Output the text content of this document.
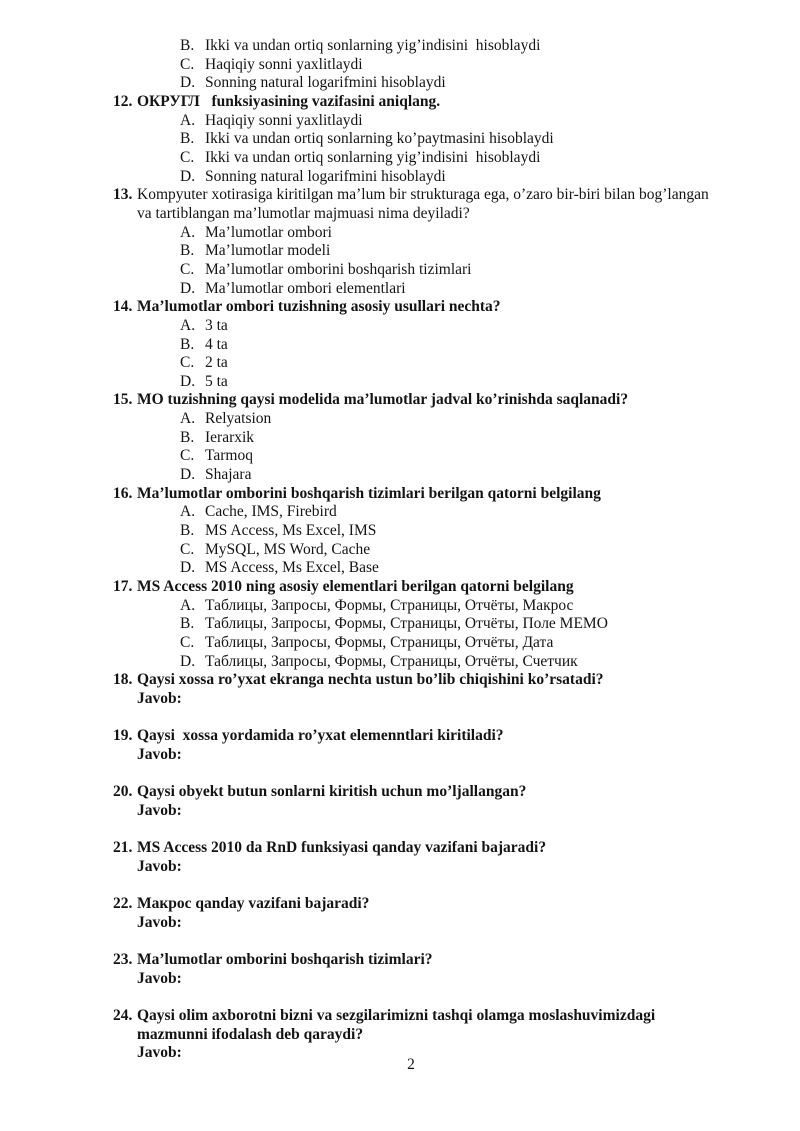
B. Ikki va undan ortiq sonlarning yig’indisini  hisoblaydi
C. Haqiqiy sonni yaxlitlaydi
D. Sonning natural logarifmini hisoblaydi
12. ОКРУГЛ   funksiyasining vazifasini aniqlang.
A. Haqiqiy sonni yaxlitlaydi
B. Ikki va undan ortiq sonlarning ko’paytmasini hisoblaydi
C. Ikki va undan ortiq sonlarning yig’indisini  hisoblaydi
D. Sonning natural logarifmini hisoblaydi
13. Kompyuter xotirasiga kiritilgan ma’lum bir strukturaga ega, o’zaro bir-biri bilan bog’langan
va tartiblangan ma’lumotlar majmuasi nima deyiladi?
A. Ma’lumotlar ombori
B. Ma’lumotlar modeli
C. Ma’lumotlar omborini boshqarish tizimlari
D. Ma’lumotlar ombori elementlari
14. Ma’lumotlar ombori tuzishning asosiy usullari nechta?
A. 3 ta
B. 4 ta
C. 2 ta
D. 5 ta
15. MO tuzishning qaysi modelida ma’lumotlar jadval ko’rinishda saqlanadi?
A. Relyatsion
B. Ierarxik
C. Tarmoq
D. Shajara
16. Ma’lumotlar omborini boshqarish tizimlari berilgan qatorni belgilang
A. Cache, IMS, Firebird
B. MS Access, Ms Excel, IMS
C. MySQL, MS Word, Cache
D. MS Access, Ms Excel, Base
17. MS Access 2010 ning asosiy elementlari berilgan qatorni belgilang
A. Таблицы, Запросы, Формы, Страницы, Отчёты, Макрос
B. Таблицы, Запросы, Формы, Страницы, Отчёты, Поле MEMO
C. Таблицы, Запросы, Формы, Страницы, Отчёты, Дата
D. Таблицы, Запросы, Формы, Страницы, Отчёты, Счетчик
18. Qaysi xossa ro’yxat ekranga nechta ustun bo’lib chiqishini ko’rsatadi?
Javob:
19. Qaysi  xossa yordamida ro’yxat elemenntlari kiritiladi?
Javob:
20. Qaysi obyekt butun sonlarni kiritish uchun mo’ljallangan?
Javob:
21. MS Access 2010 da RnD funksiyasi qanday vazifani bajaradi?
Javob:
22. Макрос qanday vazifani bajaradi?
Javob:
23. Ma’lumotlar omborini boshqarish tizimlari?
Javob:
24. Qaysi olim axborotni bizni va sezgilarimizni tashqi olamga moslashuvimizdagi
mazmunni ifodalash deb qaraydi?
Javob:
2
